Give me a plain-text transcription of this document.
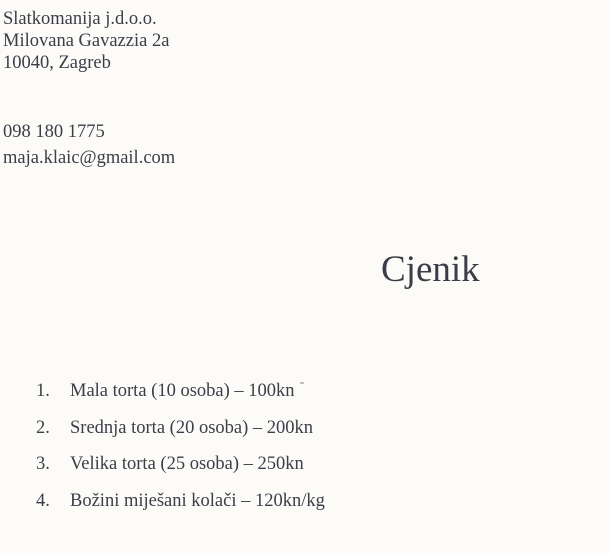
Slatkomanija j.d.o.o.
Milovana Gavazzia 2a
10040, Zagreb
098 180 1775
maja.klaic@gmail.com
Cjenik
1. Mala torta (10 osoba) – 100kn
2. Srednja torta (20 osoba) – 200kn
3. Velika torta (25 osoba) – 250kn
4. Božini miješani kolači – 120kn/kg
